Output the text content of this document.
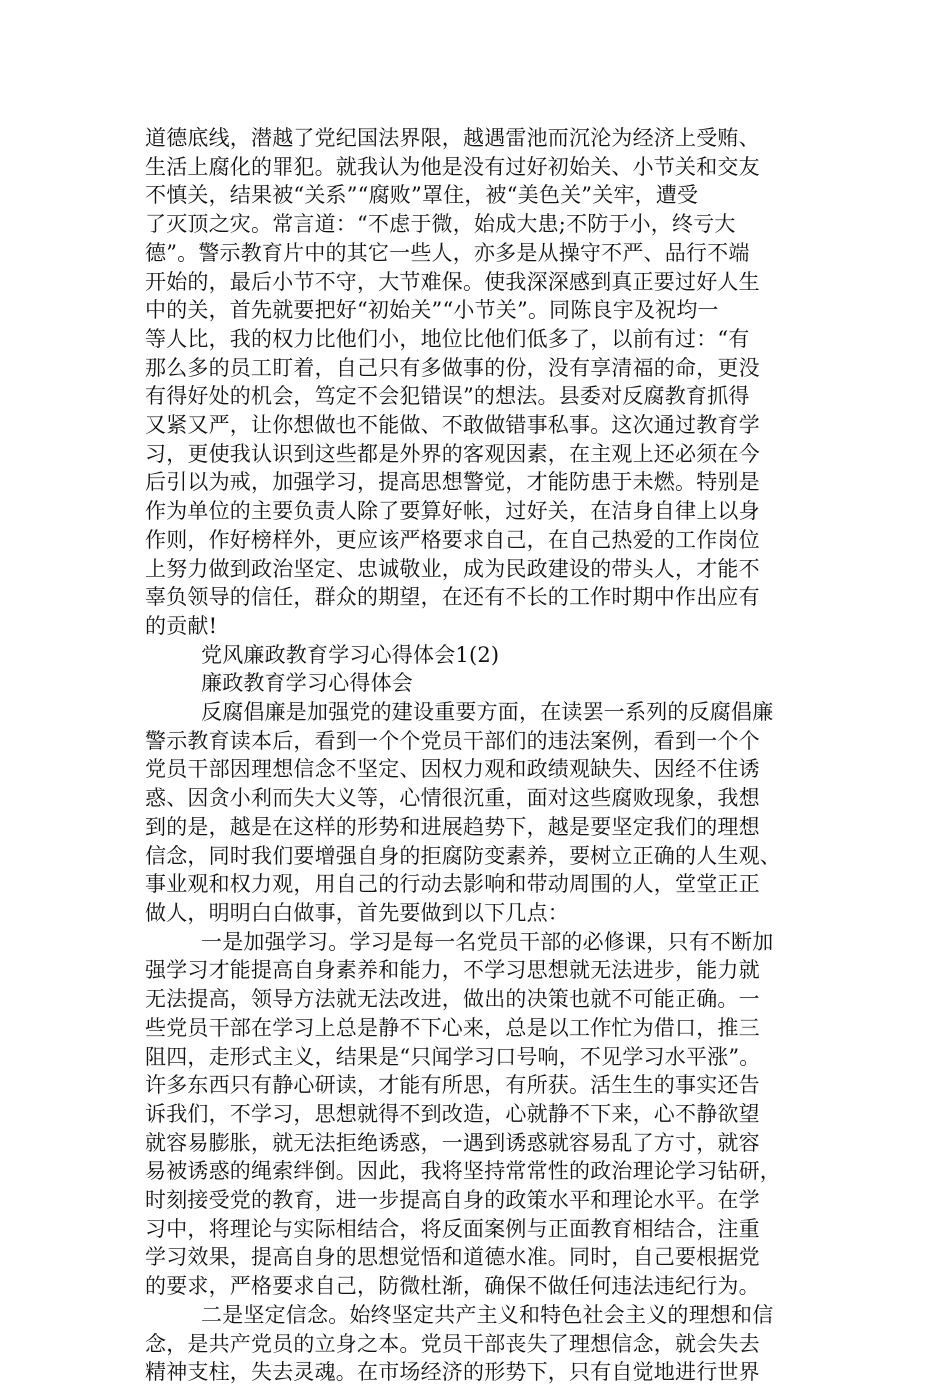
道德底线，潜越了党纪国法界限，越遇雷池而沉沦为经济上受贿、
生活上腐化的罪犯。就我认为他是没有过好初始关、小节关和交友
不慎关，结果被“关系”“腐败”罩住，被“美色关”关牢，遭受
了灭顶之灾。常言道：“不虑于微，始成大患;不防于小，终亏大
德”。警示教育片中的其它一些人，亦多是从操守不严、品行不端
开始的，最后小节不守，大节难保。使我深深感到真正要过好人生
中的关，首先就要把好“初始关”“小节关”。同陈良宇及祝均一
等人比，我的权力比他们小，地位比他们低多了，以前有过：“有
那么多的员工盯着，自己只有多做事的份，没有享清福的命，更没
有得好处的机会，笃定不会犯错误”的想法。县委对反腐教育抓得
又紧又严，让你想做也不能做、不敢做错事私事。这次通过教育学
习，更使我认识到这些都是外界的客观因素，在主观上还必须在今
后引以为戒，加强学习，提高思想警觉，才能防患于未燃。特别是
作为单位的主要负责人除了要算好帐，过好关，在洁身自律上以身
作则，作好榜样外，更应该严格要求自己，在自己热爱的工作岗位
上努力做到政治坚定、忠诚敬业，成为民政建设的带头人，才能不
辜负领导的信任，群众的期望，在还有不长的工作时期中作出应有
的贡献!

党风廉政教育学习心得体会1(2)

廉政教育学习心得体会

反腐倡廉是加强党的建设重要方面，在读罢一系列的反腐倡廉
警示教育读本后，看到一个个党员干部们的违法案例，看到一个个
党员干部因理想信念不坚定、因权力观和政绩观缺失、因经不住诱
惑、因贪小利而失大义等，心情很沉重，面对这些腐败现象，我想
到的是，越是在这样的形势和进展趋势下，越是要坚定我们的理想
信念，同时我们要增强自身的拒腐防变素养，要树立正确的人生观、
事业观和权力观，用自己的行动去影响和带动周围的人，堂堂正正
做人，明明白白做事，首先要做到以下几点：

一是加强学习。学习是每一名党员干部的必修课，只有不断加
强学习才能提高自身素养和能力，不学习思想就无法进步，能力就
无法提高，领导方法就无法改进，做出的决策也就不可能正确。一
些党员干部在学习上总是静不下心来，总是以工作忙为借口，推三
阻四，走形式主义，结果是“只闻学习口号响，不见学习水平涨”。
许多东西只有静心研读，才能有所思，有所获。活生生的事实还告
诉我们，不学习，思想就得不到改造，心就静不下来，心不静欲望
就容易膨胀，就无法拒绝诱惑，一遇到诱惑就容易乱了方寸，就容
易被诱惑的绳索绊倒。因此，我将坚持常常性的政治理论学习钻研，
时刻接受党的教育，进一步提高自身的政策水平和理论水平。在学
习中，将理论与实际相结合，将反面案例与正面教育相结合，注重
学习效果，提高自身的思想觉悟和道德水准。同时，自己要根据党
的要求，严格要求自己，防微杜渐，确保不做任何违法违纪行为。

二是坚定信念。始终坚定共产主义和特色社会主义的理想和信
念，是共产党员的立身之本。党员干部丧失了理想信念，就会失去
精神支柱，失去灵魂。在市场经济的形势下，只有自觉地进行世界
